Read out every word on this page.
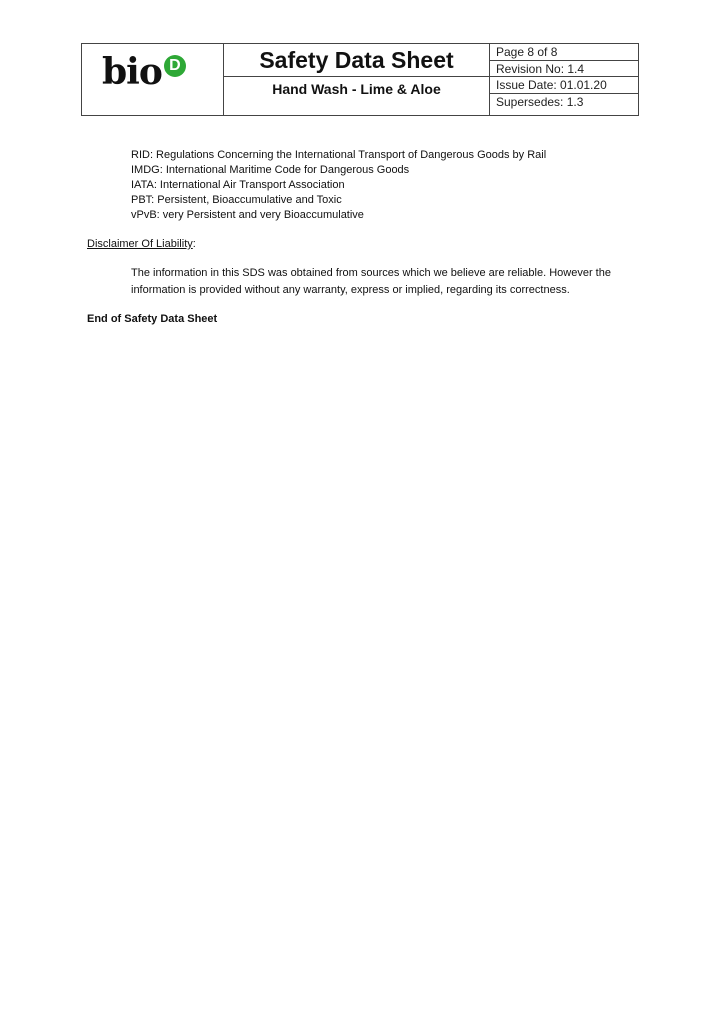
bio D	Safety Data Sheet
Hand Wash - Lime & Aloe
Page 8 of 8
Revision No: 1.4
Issue Date: 01.01.20
Supersedes: 1.3
RID: Regulations Concerning the International Transport of Dangerous Goods by Rail
IMDG: International Maritime Code for Dangerous Goods
IATA: International Air Transport Association
PBT: Persistent, Bioaccumulative and Toxic
vPvB: very Persistent and very Bioaccumulative
Disclaimer Of Liability:
The information in this SDS was obtained from sources which we believe are reliable. However the
information is provided without any warranty, express or implied, regarding its correctness.
End of Safety Data Sheet
